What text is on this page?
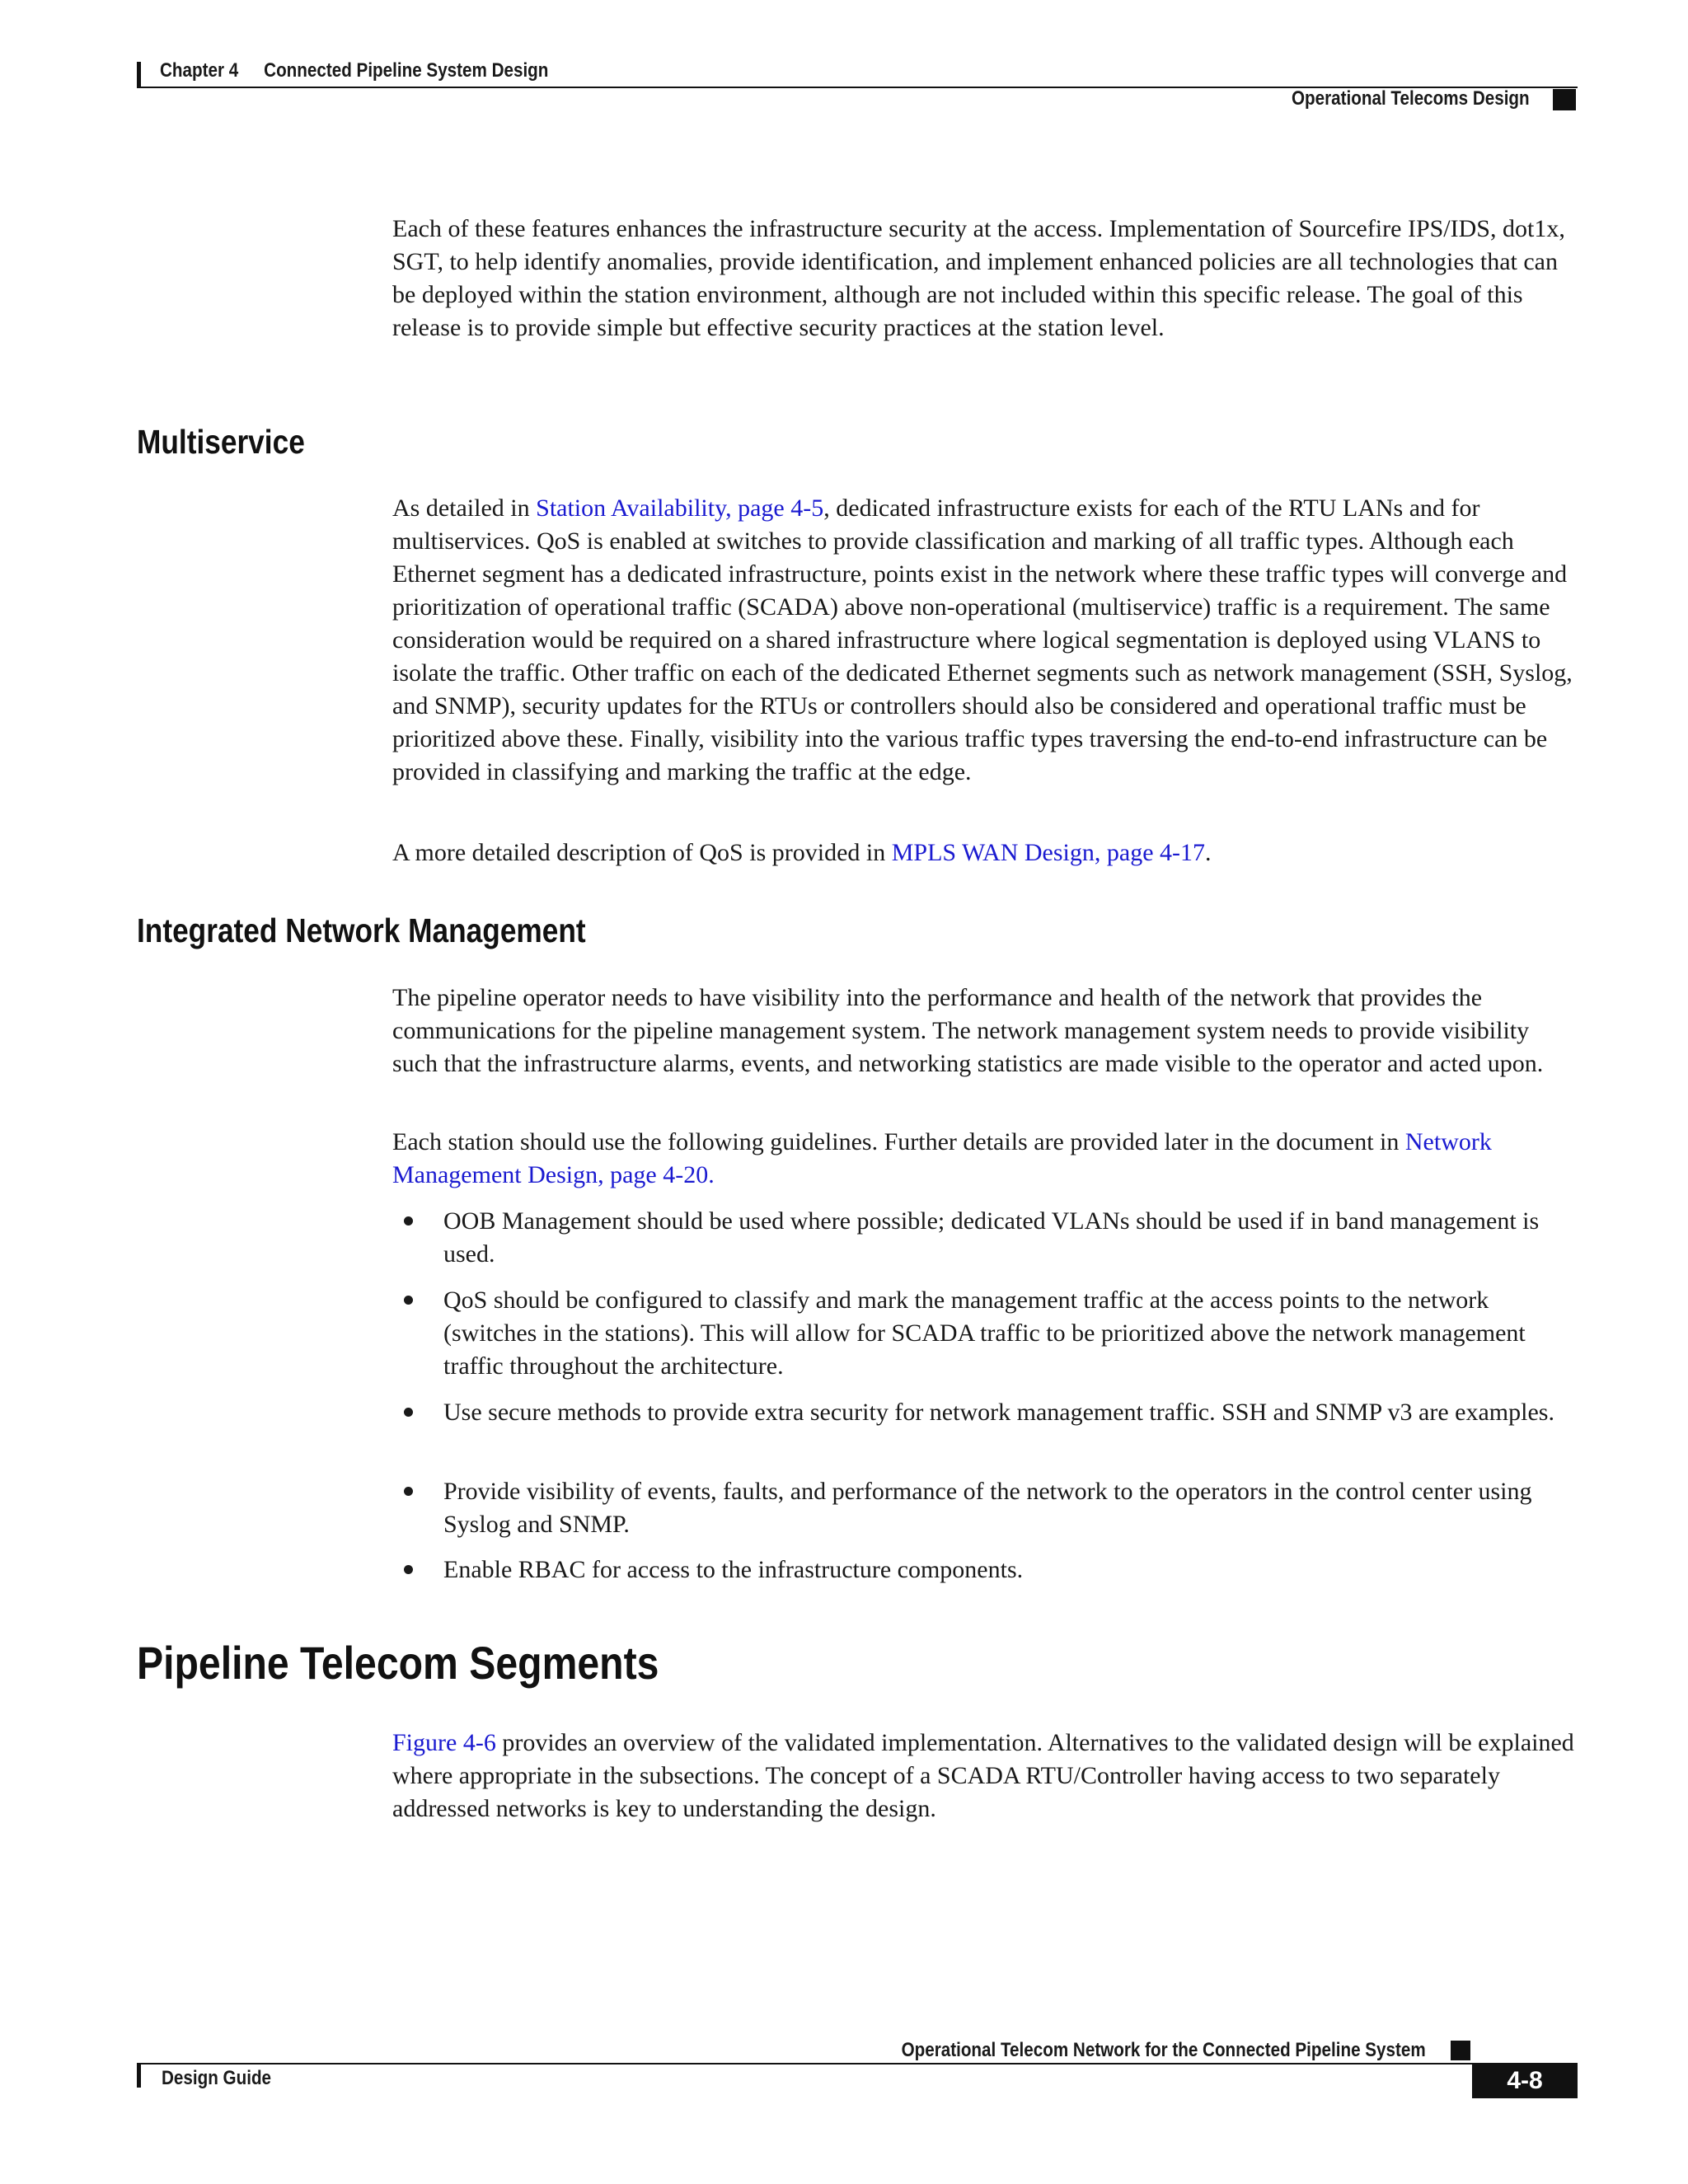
Chapter 4 Connected Pipeline System Design
Operational Telecoms Design
Each of these features enhances the infrastructure security at the access. Implementation of Sourcefire IPS/IDS, dot1x, SGT, to help identify anomalies, provide identification, and implement enhanced policies are all technologies that can be deployed within the station environment, although are not included within this specific release. The goal of this release is to provide simple but effective security practices at the station level.
Multiservice
As detailed in Station Availability, page 4-5, dedicated infrastructure exists for each of the RTU LANs and for multiservices. QoS is enabled at switches to provide classification and marking of all traffic types. Although each Ethernet segment has a dedicated infrastructure, points exist in the network where these traffic types will converge and prioritization of operational traffic (SCADA) above non-operational (multiservice) traffic is a requirement. The same consideration would be required on a shared infrastructure where logical segmentation is deployed using VLANS to isolate the traffic. Other traffic on each of the dedicated Ethernet segments such as network management (SSH, Syslog, and SNMP), security updates for the RTUs or controllers should also be considered and operational traffic must be prioritized above these. Finally, visibility into the various traffic types traversing the end-to-end infrastructure can be provided in classifying and marking the traffic at the edge.
A more detailed description of QoS is provided in MPLS WAN Design, page 4-17.
Integrated Network Management
The pipeline operator needs to have visibility into the performance and health of the network that provides the communications for the pipeline management system. The network management system needs to provide visibility such that the infrastructure alarms, events, and networking statistics are made visible to the operator and acted upon.
Each station should use the following guidelines. Further details are provided later in the document in Network Management Design, page 4-20.
OOB Management should be used where possible; dedicated VLANs should be used if in band management is used.
QoS should be configured to classify and mark the management traffic at the access points to the network (switches in the stations). This will allow for SCADA traffic to be prioritized above the network management traffic throughout the architecture.
Use secure methods to provide extra security for network management traffic. SSH and SNMP v3 are examples.
Provide visibility of events, faults, and performance of the network to the operators in the control center using Syslog and SNMP.
Enable RBAC for access to the infrastructure components.
Pipeline Telecom Segments
Figure 4-6 provides an overview of the validated implementation. Alternatives to the validated design will be explained where appropriate in the subsections. The concept of a SCADA RTU/Controller having access to two separately addressed networks is key to understanding the design.
Operational Telecom Network for the Connected Pipeline System
Design Guide	4-8
